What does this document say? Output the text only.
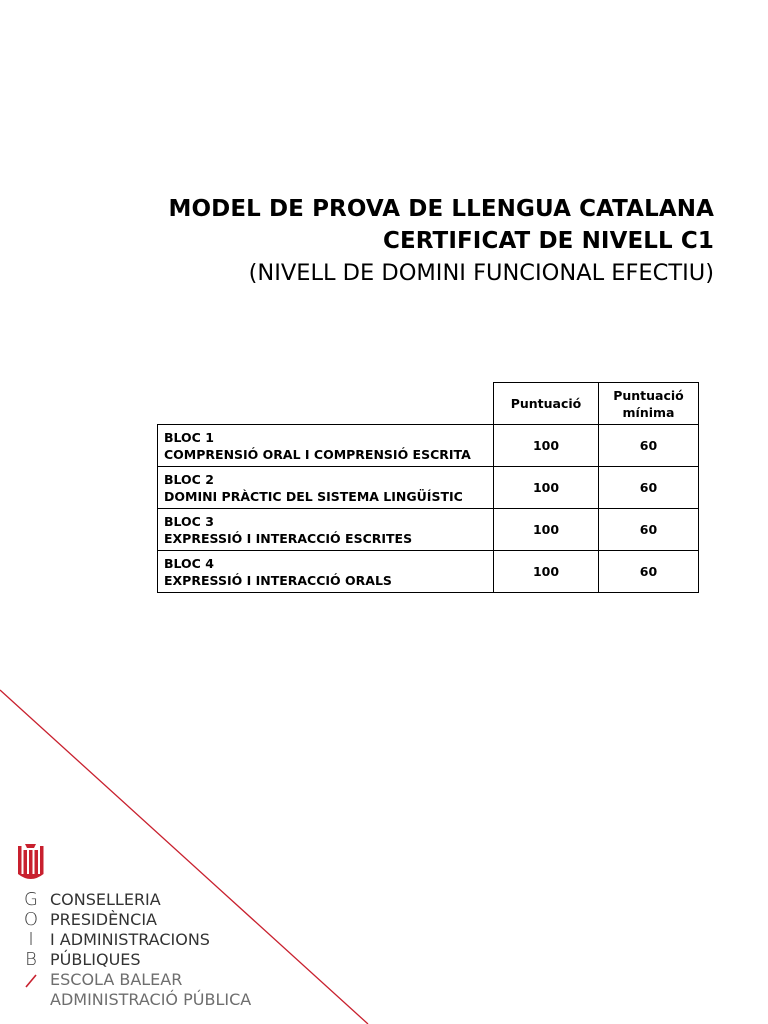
MODEL DE PROVA DE LLENGUA CATALANA
CERTIFICAT DE NIVELL C1
(NIVELL DE DOMINI FUNCIONAL EFECTIU)
	Puntuació	Puntuació
mínima
BLOC 1
COMPRENSIÓ ORAL I COMPRENSIÓ ESCRITA	100	60
BLOC 2
DOMINI PRÀCTIC DEL SISTEMA LINGÜÍSTIC	100	60
BLOC 3
EXPRESSIÓ I INTERACCIÓ ESCRITES	100	60
BLOC 4
EXPRESSIÓ I INTERACCIÓ ORALS	100	60
G
O
I
B
CONSELLERIA
PRESIDÈNCIA
I ADMINISTRACIONS
PÚBLIQUES
ESCOLA BALEAR
ADMINISTRACIÓ PÚBLICA
